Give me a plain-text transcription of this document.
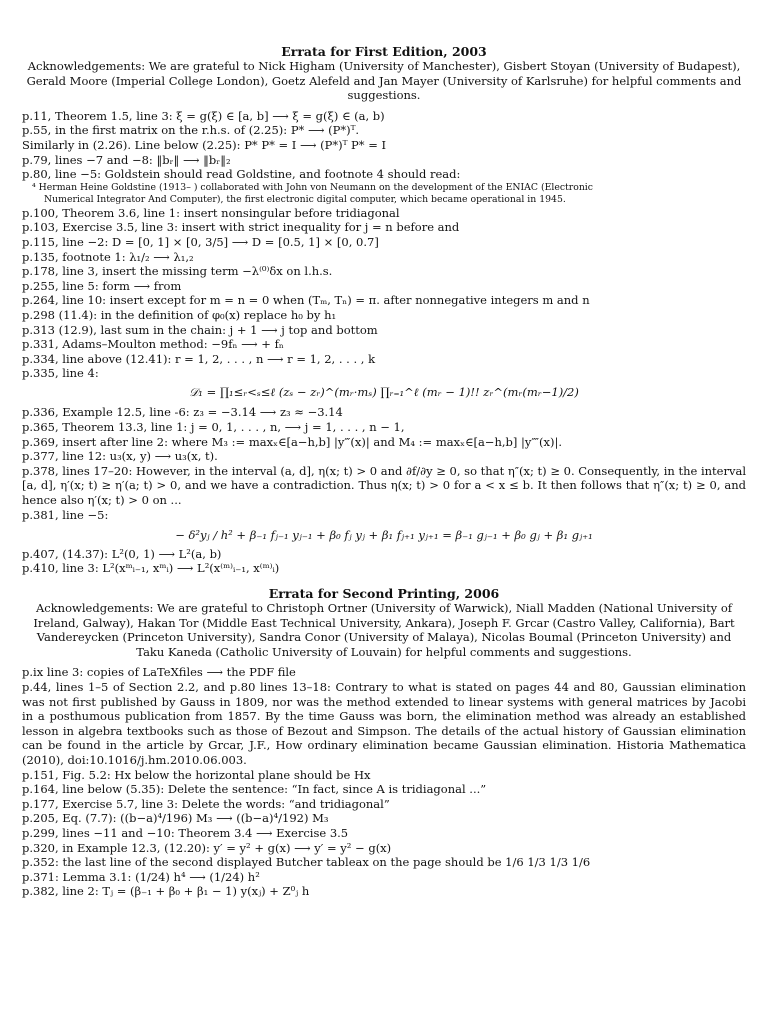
Errata for First Edition, 2003

Acknowledgements: We are grateful to Nick Higham (University of Manchester), Gisbert Stoyan (University of Budapest), Gerald Moore (Imperial College London), Goetz Alefeld and Jan Mayer (University of Karlsruhe) for helpful comments and suggestions.

p.11, Theorem 1.5, line 3: ξ = g(ξ) ∈ [a, b] ⟶ ξ = g(ξ) ∈ (a, b)
p.55, in the first matrix on the r.h.s. of (2.25): P* ⟶ (P*)ᵀ.
Similarly in (2.26). Line below (2.25): P* P* = I ⟶ (P*)ᵀ P* = I
p.79, lines −7 and −8: ‖bᵣ‖ ⟶ ‖bᵣ‖₂
p.80, line −5: Goldstein should read Goldstine, and footnote 4 should read:
⁴ Herman Heine Goldstine (1913– ) collaborated with John von Neumann on the development of the ENIAC (Electronic
Numerical Integrator And Computer), the first electronic digital computer, which became operational in 1945.
p.100, Theorem 3.6, line 1: insert nonsingular before tridiagonal
p.103, Exercise 3.5, line 3: insert with strict inequality for j = n before and
p.115, line −2: D = [0, 1] × [0, 3/5] ⟶ D = [0.5, 1] × [0, 0.7]
p.135, footnote 1: λ₁/₂ ⟶ λ₁,₂
p.178, line 3, insert the missing term −λ⁽⁰⁾δx on l.h.s.
p.255, line 5: form ⟶ from
p.264, line 10: insert except for m = n = 0 when (Tₘ, Tₙ) = π. after nonnegative integers m and n
p.298 (11.4): in the definition of φ₀(x) replace h₀ by h₁
p.313 (12.9), last sum in the chain: j + 1 ⟶ j top and bottom
p.331, Adams–Moulton method: −9fₙ ⟶ + fₙ
p.334, line above (12.41): r = 1, 2, . . . , n ⟶ r = 1, 2, . . . , k
p.335, line 4:
𝒟₁ = ∏₁≤ᵣ<ₛ≤ℓ (zₛ − zᵣ)^(mᵣ·mₛ) ∏ᵣ₌₁^ℓ (mᵣ − 1)!! zᵣ^(mᵣ(mᵣ−1)/2)
p.336, Example 12.5, line -6: z₃ = −3.14 ⟶ z₃ ≈ −3.14
p.365, Theorem 13.3, line 1: j = 0, 1, . . . , n, ⟶ j = 1, . . . , n − 1,
p.369, insert after line 2: where M₃ := maxₓ∈[a−h,b] |y‴(x)| and M₄ := maxₓ∈[a−h,b] |y⁗(x)|.
p.377, line 12: u₃(x, y) ⟶ u₃(x, t).
p.378, lines 17–20: However, in the interval (a, d], η(x; t) > 0 and ∂f/∂y ≥ 0, so that η″(x; t) ≥ 0. Consequently, in the interval [a, d], η′(x; t) ≥ η′(a; t) > 0, and we have a contradiction. Thus η(x; t) > 0 for a < x ≤ b. It then follows that η″(x; t) ≥ 0, and hence also η′(x; t) > 0 on ...
p.381, line −5:
− δ²yⱼ / h² + β₋₁ fⱼ₋₁ yⱼ₋₁ + β₀ fⱼ yⱼ + β₁ fⱼ₊₁ yⱼ₊₁ = β₋₁ gⱼ₋₁ + β₀ gⱼ + β₁ gⱼ₊₁
p.407, (14.37): L²(0, 1) ⟶ L²(a, b)
p.410, line 3: L²(xᵐᵢ₋₁, xᵐᵢ) ⟶ L²(x⁽ᵐ⁾ᵢ₋₁, x⁽ᵐ⁾ᵢ)
Errata for Second Printing, 2006

Acknowledgements: We are grateful to Christoph Ortner (University of Warwick), Niall Madden (National University of Ireland, Galway), Hakan Tor (Middle East Technical University, Ankara), Joseph F. Grcar (Castro Valley, California), Bart Vandereycken (Princeton University), Sandra Conor (University of Malaya), Nicolas Boumal (Princeton University) and Taku Kaneda (Catholic University of Louvain) for helpful comments and suggestions.

p.ix line 3: copies of LaTeXfiles ⟶ the PDF file
p.44, lines 1–5 of Section 2.2, and p.80 lines 13–18: Contrary to what is stated on pages 44 and 80, Gaussian elimination was not first published by Gauss in 1809, nor was the method extended to linear systems with general matrices by Jacobi in a posthumous publication from 1857. By the time Gauss was born, the elimination method was already an established lesson in algebra textbooks such as those of Bezout and Simpson. The details of the actual history of Gaussian elimination can be found in the article by Grcar, J.F., How ordinary elimination became Gaussian elimination. Historia Mathematica (2010), doi:10.1016/j.hm.2010.06.003.
p.151, Fig. 5.2: Hx below the horizontal plane should be Hx
p.164, line below (5.35): Delete the sentence: “In fact, since A is tridiagonal ...”
p.177, Exercise 5.7, line 3: Delete the words: “and tridiagonal”
p.205, Eq. (7.7): ((b−a)⁴/196) M₃ ⟶ ((b−a)⁴/192) M₃
p.299, lines −11 and −10: Theorem 3.4 ⟶ Exercise 3.5
p.320, in Example 12.3, (12.20): y′ = y² + g(x) ⟶ y′ = y² − g(x)
p.352: the last line of the second displayed Butcher tableax on the page should be 1/6 1/3 1/3 1/6
p.371: Lemma 3.1: (1/24) h⁴ ⟶ (1/24) h²
p.382, line 2: Tⱼ = (β₋₁ + β₀ + β₁ − 1) y(xⱼ) + Z⁰ⱼ h
